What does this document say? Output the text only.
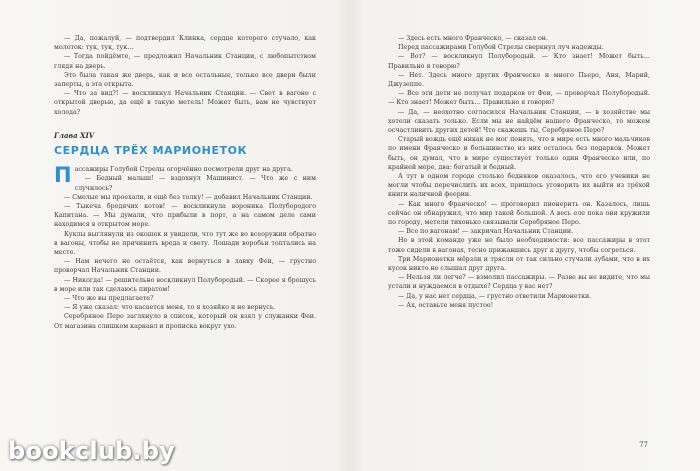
— Да, пожалуй, — подтвердил Клинка, сердце которого стучало, как молоток: тук, тук, тук…

— Тогда пойдёмте, — предложил Начальник Станции, с любопытством глядя на дверь.

Это была такая же дверь, как и все остальные, только все двери были заперты, а эта открыта.

— Что за вид?! — воскликнул Начальник Станции. — Свет в вагоне с открытой дверью, да ещё в такую метель! Может быть, вам не чувствует холода?

Глава XIV
СЕРДЦА ТРЁХ МАРИОНЕТОК

Пассажиры Голубой Стрелы огорчённо посмотрели друг на друга.

— Бедный малыш! — вздохнул Машинист. — Что же с ним случилось?

— Смелые мы проехали, и ещё без толку! — добавил Начальник Станции.

— Тыкеча бродячих котов! — воскликнула вороника Полубородого Капитана. — Мы думали, что прибыли в порт, а на самом деле сами находимся в открытом море.

Куклы выглянули из окошек и увидели, что тут же во всеоружии обратно в вагоны, чтобы не причинить вреда и свету. Лошади воробьи топтались на месте.

— Нам нечего не остаётся, как вернуться в лавку Феи, — грустно проворчал Начальник Станции.

— Никогда! — решительно воскликнул Полубородый. — Скорее я брошусь в море или так сделаюсь пиратом!

— Что же вы предлагаете?

— Я уже сказал: что касается меня, то я хозяйко и не вернусь.

Серебряное Перо заглянуло в список, который он взял у служанки Феи. От магазина слишком карнавл и прописка вокруг ухо.

— Здесь есть много Франческо, — сказал он.

Перед пассажирами Голубой Стрелы сверкнул луч надежды.

— Вот? — воскликнул Полубородый. — Кто знает! Может быть… Правильно я говорю?

— Нет. Здесь много других Франческо и много Пьеро, Аня, Марий, Джузеппе.

— Все эти дети не получат подарков от Феи, — проворчал Полубородый. — Кто знает! Может быть… Правильно я говорю?

— Да, — неохотно согласился Начальник Станции, — в хозяйстве мы хотели сказать только. Если мы не найдём нашего Франческо, то можем осчастливить других детей! Что скажешь ты, Серебряное Перо?

Старый вождь ещё никак не мог понять, что в мире есть много мальчиков по имени Франческо и большинство из них осталось без подарков. Может быть, он думал, что в мире существует только один Франческо или, по крайней мере, два: богатый и бедный.

А тут в одном городе столько бедняков оказалось, что его ученики не могли чтобы перечислить их всех, пришлось уговорить их выйти из трёхой книги наличной феерии.

— Как много Франческо! — проговорил пионерить он. Казалось, лишь сейчас он обнаружил, что мир такой большой. А весь еле пока они кружили по городу, метели тихонько связывали Серебряное Перо.

— Все по вагонам! — закричал Начальник Станции.

Но в этой команде уже не было необходимости: все пассажиры в этот тоже сидели в вагонах, тесно прижавшись друг к другу, чтобы согреться.

Три Марионетки мёрзли и трясли от так сильно стучали зубами, что в их кусок никто не слышал друг друга.

— Нельзя ли легче? — взмолил пассажиры. — Разве вы не видите, что мы устали и нуждаемся в отдыхе? Сердца у вас нет?

— Да, у нас нет сердца, — грустно ответили Марионетки.

— Ах, оставьте меня пустое!

77
bookclub.by
